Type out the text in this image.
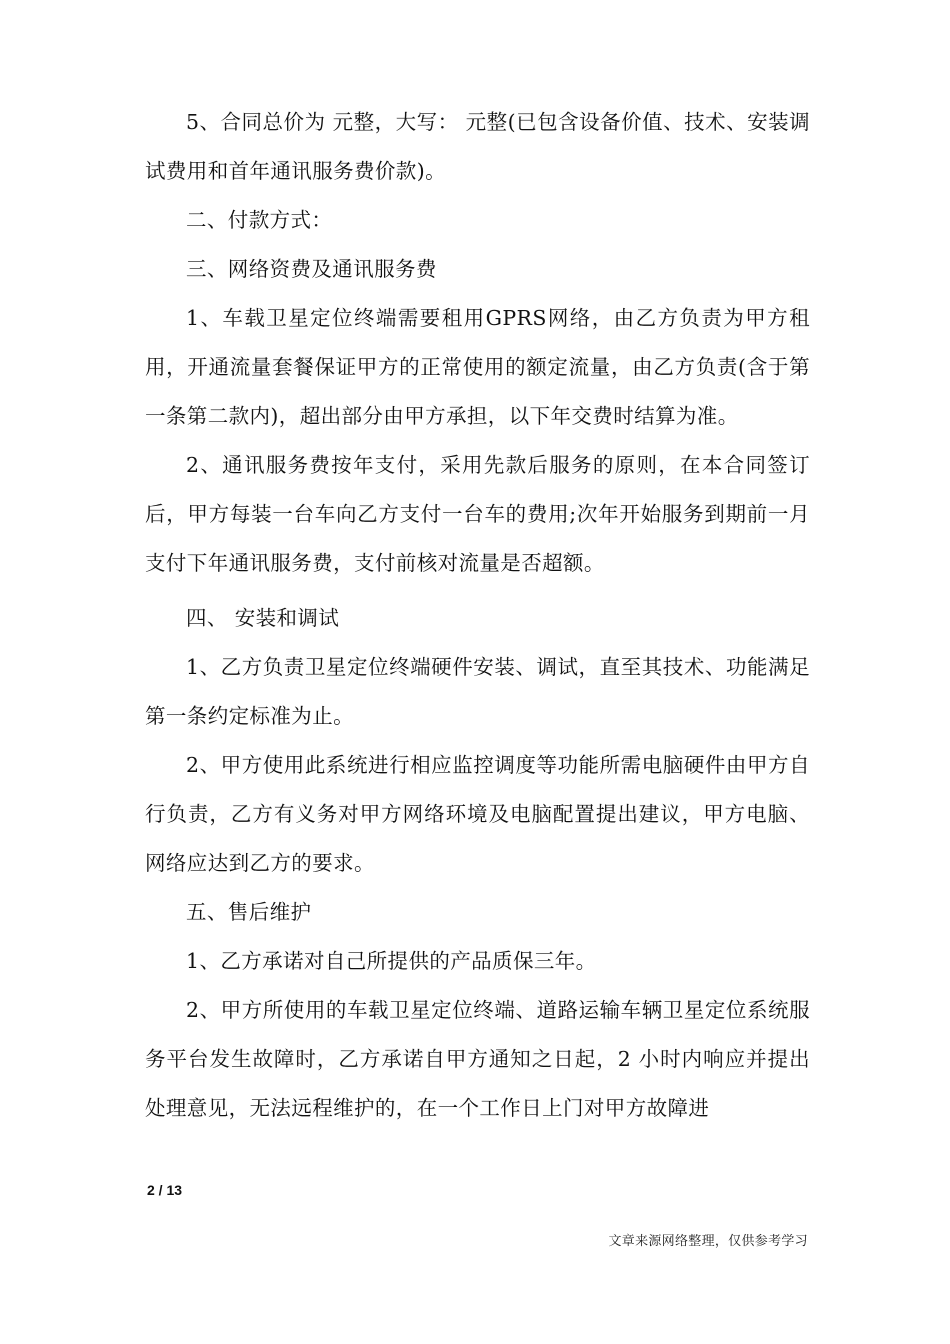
5、合同总价为 元整，大写： 元整(已包含设备价值、技术、安装调试费用和首年通讯服务费价款)。

二、付款方式：

三、网络资费及通讯服务费

1、车载卫星定位终端需要租用GPRS网络，由乙方负责为甲方租用，开通流量套餐保证甲方的正常使用的额定流量，由乙方负责(含于第一条第二款内)，超出部分由甲方承担，以下年交费时结算为准。

2、通讯服务费按年支付，采用先款后服务的原则，在本合同签订后，甲方每装一台车向乙方支付一台车的费用;次年开始服务到期前一月支付下年通讯服务费，支付前核对流量是否超额。

四、 安装和调试

1、乙方负责卫星定位终端硬件安装、调试，直至其技术、功能满足第一条约定标准为止。

2、甲方使用此系统进行相应监控调度等功能所需电脑硬件由甲方自行负责，乙方有义务对甲方网络环境及电脑配置提出建议，甲方电脑、网络应达到乙方的要求。

五、售后维护

1、乙方承诺对自己所提供的产品质保三年。

2、甲方所使用的车载卫星定位终端、道路运输车辆卫星定位系统服务平台发生故障时，乙方承诺自甲方通知之日起，2 小时内响应并提出处理意见，无法远程维护的，在一个工作日上门对甲方故障进

2 / 13
文章来源网络整理，仅供参考学习
